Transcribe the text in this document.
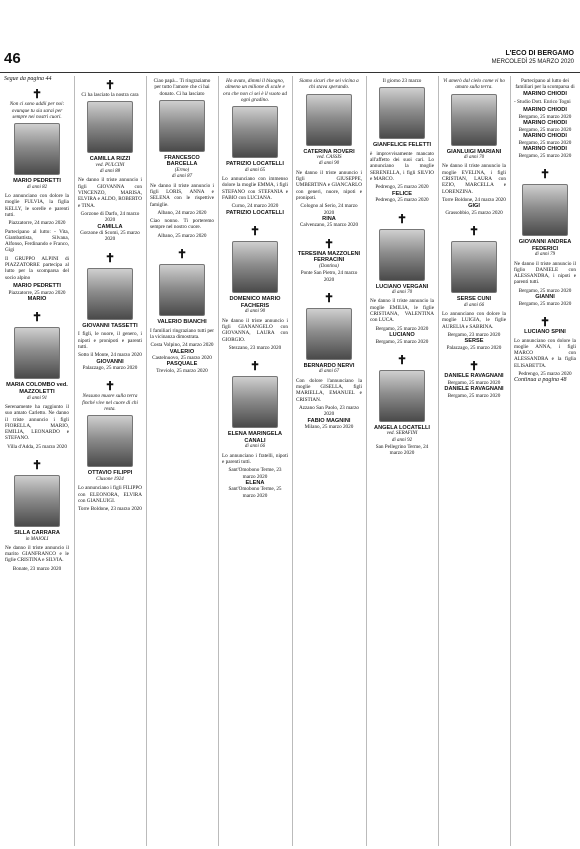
46	L'ECO DI BERGAMO
MERCOLEDÌ 25 MARZO 2020
Segue da pagina 44
✝
Non ci sono addii per noi: ovunque tu sia sarai per sempre nei nostri cuori.
MARIO PEDRETTI
di anni 82
Lo annunciano con dolore la moglie FULVIA, la figlia KELLY, le sorelle e parenti tutti.
Piazzatorre, 24 marzo 2020
Partecipano al lutto: - Vita, Giambattista, Silvana, Alfonso, Ferdinando e Franco, Gigi
Il GRUPPO ALPINI di PIAZZATORRE partecipa al lutto per la scomparsa del socio alpino
MARIO PEDRETTI
Piazzatorre, 25 marzo 2020
MARIO
✝
MARIA COLOMBO ved. MAZZOLETTI
di anni 91
Serenamente ha raggiunto il suo amato Carletto. Ne danno il triste annuncio i figli FIORELLA, MARIO, EMILIA, LEONARDO e STEFANO.
Villa d'Adda, 25 marzo 2020
✝
SILLA CARRARA
in MAJOLI
Ne danno il triste annuncio il marito GIANFRANCO e le figlie CRISTINA e SILVIA.
Bonate, 23 marzo 2020
✝
Ci ha lasciato la nostra cara
CAMILLA RIZZI
ved. PULCINI
di anni 88
Ne danno il triste annuncio i figli GIOVANNA con VINCENZO, MARISA, ELVIRA e ALDO, ROBERTO e TINA.
Gorzone di Darfo, 24 marzo 2020
CAMILLA
Gorzone di Scomi, 25 marzo 2020
✝
GIOVANNI TASSETTI
I figli, le nuore, il genero, i nipoti e pronipoti e parenti tutti.
Sotto il Monte, 24 marzo 2020
GIOVANNI
Palazzago, 25 marzo 2020
✝
Nessuno muore sulla terra finché vive nel cuore di chi resta.
OTTAVIO FILIPPI
Clusone 1924
Lo annunciano i figli FILIPPO con ELEONORA, ELVIRA con GIANLUIGI.
Torre Boldone, 23 marzo 2020
Ciao papà... Ti ringraziamo per tutto l'amore che ci hai donato. Ci ha lasciato
FRANCESCO BARCELLA
(Ermo)
di anni 87
Ne danno il triste annuncio i figli LORIS, ANNA e SELENA con le rispettive famiglie.
Albano, 24 marzo 2020
Ciao nonno. Ti porteremo sempre nel nostro cuore.
Albano, 25 marzo 2020
✝
VALERIO BIANCHI
I familiari ringraziano tutti per la vicinanza dimostrata.
Costa Volpino, 24 marzo 2020
VALERIO
Castelnuovo, 25 marzo 2020
PASQUALE
Treviolo, 25 marzo 2020
Ho avuto, dimmi il bisogno, almeno un milione di scale e ora che non ci sei è il vuoto ad ogni gradino.
PATRIZIO LOCATELLI
di anni 65
Lo annunciano con immenso dolore la moglie EMMA, i figli STEFANO con STEFANIA e FABIO con LUCIANA.
Curno, 24 marzo 2020
PATRIZIO LOCATELLI
✝
DOMENICO MARIO FACHERIS
di anni 90
Ne danno il triste annuncio i figli GIANANGELO con GIOVANNA, LAURA con GIORGIO.
Stezzano, 23 marzo 2020
✝
ELENA MARINGELA CANALI
di anni 66
Lo annunciano i fratelli, nipoti e parenti tutti.
Sant'Omobono Terme, 23 marzo 2020
ELENA
Sant'Omobono Terme, 25 marzo 2020
Siamo sicuri che sei vicina a chi stava sperando.
CATERINA ROVERI
ved. CASSIS
di anni 90
Ne danno il triste annuncio i figli GIUSEPPE, UMBERTINA e GIANCARLO con generi, nuore, nipoti e pronipoti.
Cologno al Serio, 24 marzo 2020
RINA
Calvenzano, 25 marzo 2020
✝
TERESINA MAZZOLENI FERRACINI
(Dantina)
Ponte San Pietro, 24 marzo 2020
✝
BERNARDO NERVI
di anni 67
Con dolore l'annunciano la moglie GISELLA, figli MARIELLA, EMANUEL e CRISTIAN.
Azzano San Paolo, 23 marzo 2020
FABIO MAGNINI
Milano, 25 marzo 2020
Il giorno 23 marzo
GIANFELICE FELETTI
è improvvisamente mancato all'affetto dei suoi cari. Lo annunciano la moglie SERENELLA, i figli SILVIO e MARCO.
Pedrengo, 25 marzo 2020
FELICE
Pedrengo, 25 marzo 2020
✝
LUCIANO VERGANI
di anni 70
Ne danno il triste annuncio la moglie EMILIA, le figlie CRISTIANA, VALENTINA con LUCA.
Bergamo, 25 marzo 2020
LUCIANO
Bergamo, 25 marzo 2020
✝
ANGELA LOCATELLI
ved. SERAFINI
di anni 92
San Pellegrino Terme, 24 marzo 2020
Vi amerò dal cielo come vi ho amato sulla terra.
GIANLUIGI MARIANI
di anni 70
Ne danno il triste annuncio la moglie EVELINA, i figli CRISTIAN, LAURA con EZIO, MARCELLA e LORENZINA.
Torre Boldone, 24 marzo 2020
GIGI
Grassobbio, 25 marzo 2020
✝
SERSE CUNI
di anni 66
Lo annunciano con dolore la moglie LUIGIA, le figlie AURELIA e SABRINA.
Bergamo, 23 marzo 2020
SERSE
Palazzago, 25 marzo 2020
✝
DANIELE RAVAGNANI
Bergamo, 25 marzo 2020
DANIELE RAVAGNANI
Bergamo, 25 marzo 2020
Partecipano al lutto dei familiari per la scomparsa di
MARINO CHIODI
- Studio Dott. Enrico Togni
MARINO CHIODI
Bergamo, 25 marzo 2020
MARINO CHIODI
Bergamo, 25 marzo 2020
MARINO CHIODI
Bergamo, 25 marzo 2020
MARINO CHIODI
Bergamo, 25 marzo 2020
✝
GIOVANNI ANDREA FEDERICI
di anni 79
Ne danno il triste annuncio il figlio DANIELE con ALESSANDRA, i nipoti e parenti tutti.
Bergamo, 25 marzo 2020
GIANNI
Bergamo, 25 marzo 2020
✝
LUCIANO SPINI
Lo annunciano con dolore la moglie ANNA, i figli MARCO con ALESSANDRA e la figlia ELISABETTA.
Pedrengo, 25 marzo 2020
Continua a pagina 48
